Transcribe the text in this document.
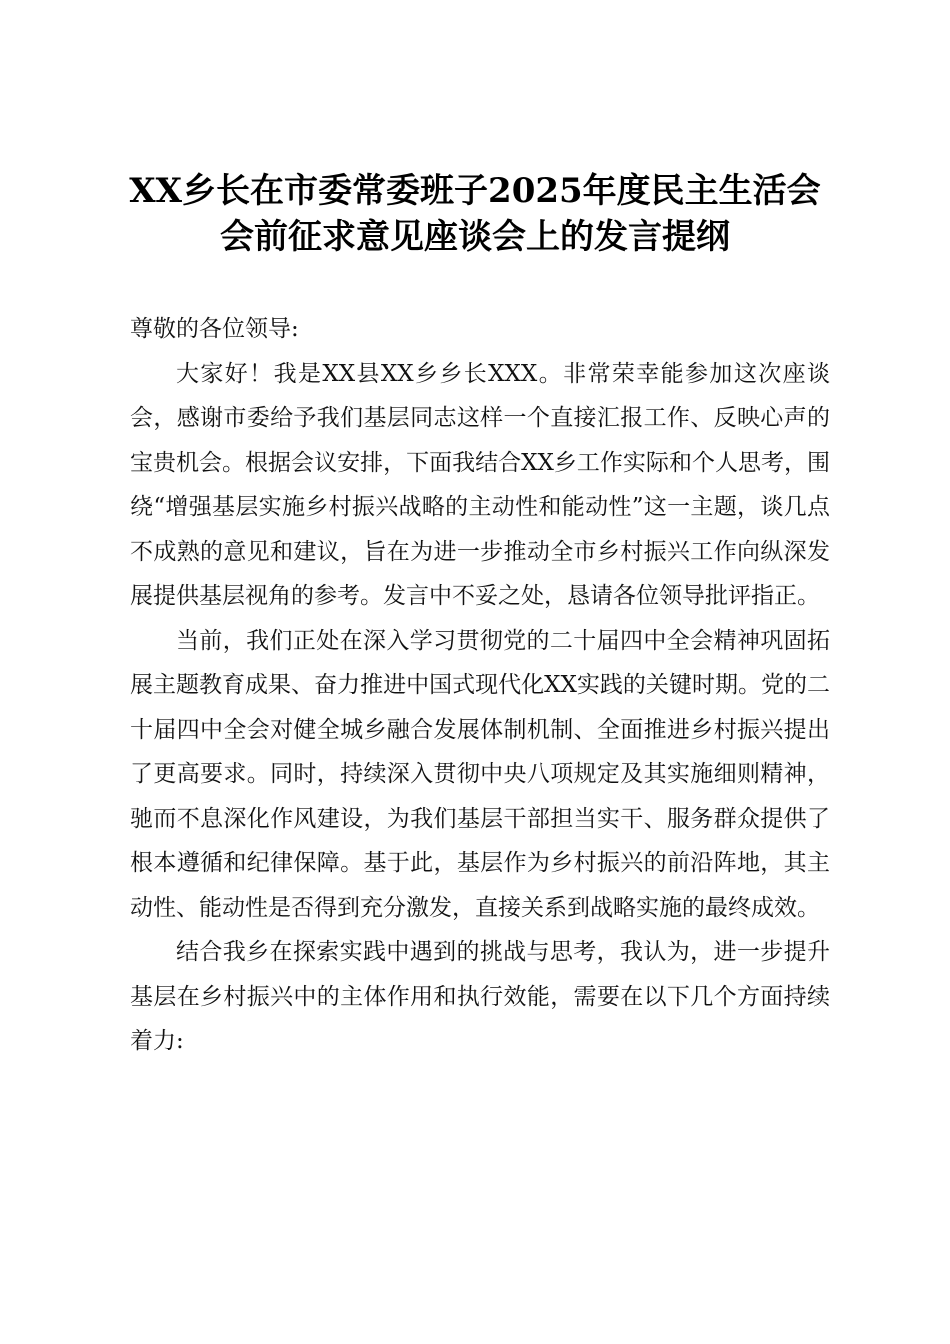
XX乡长在市委常委班子2025年度民主生活会
会前征求意见座谈会上的发言提纲

尊敬的各位领导:

大家好！我是XX县XX乡乡长XXX。非常荣幸能参加这次座谈会，感谢市委给予我们基层同志这样一个直接汇报工作、反映心声的宝贵机会。根据会议安排，下面我结合XX乡工作实际和个人思考，围绕“增强基层实施乡村振兴战略的主动性和能动性”这一主题，谈几点不成熟的意见和建议，旨在为进一步推动全市乡村振兴工作向纵深发展提供基层视角的参考。发言中不妥之处，恳请各位领导批评指正。

当前，我们正处在深入学习贯彻党的二十届四中全会精神巩固拓展主题教育成果、奋力推进中国式现代化XX实践的关键时期。党的二十届四中全会对健全城乡融合发展体制机制、全面推进乡村振兴提出了更高要求。同时，持续深入贯彻中央八项规定及其实施细则精神，驰而不息深化作风建设，为我们基层干部担当实干、服务群众提供了根本遵循和纪律保障。基于此，基层作为乡村振兴的前沿阵地，其主动性、能动性是否得到充分激发，直接关系到战略实施的最终成效。

结合我乡在探索实践中遇到的挑战与思考，我认为，进一步提升基层在乡村振兴中的主体作用和执行效能，需要在以下几个方面持续着力:
